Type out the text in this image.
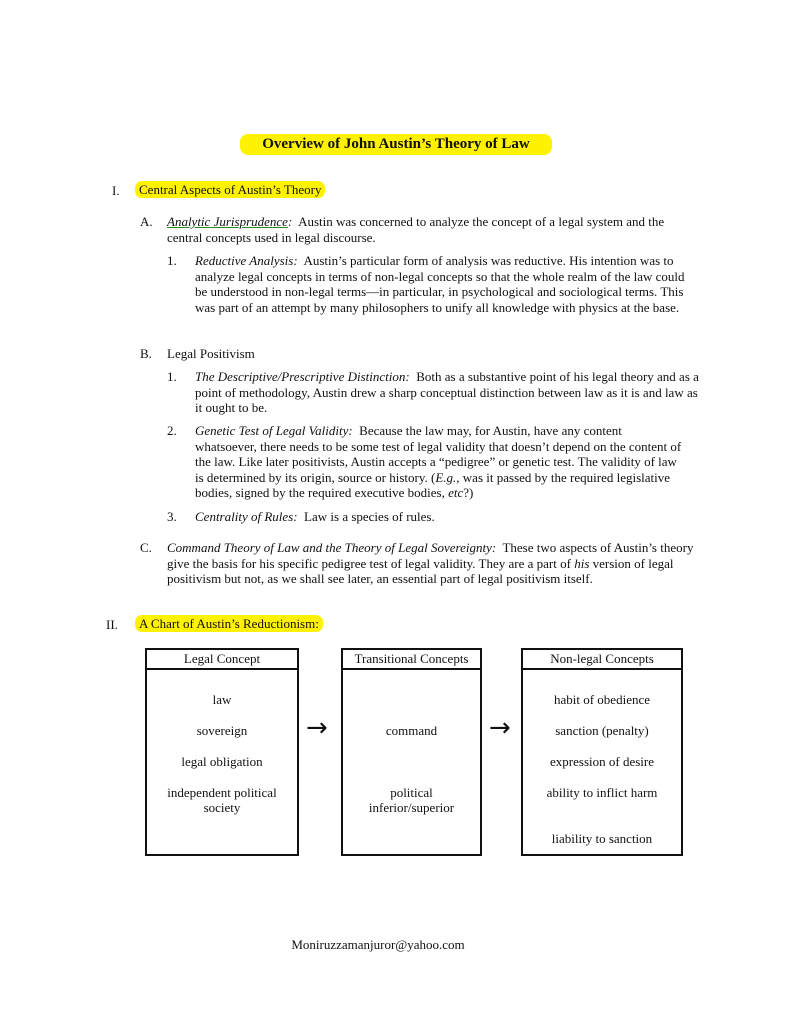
Overview of John Austin’s Theory of Law
I.	Central Aspects of Austin’s Theory
A. Analytic Jurisprudence: Austin was concerned to analyze the concept of a legal system and the central concepts used in legal discourse.
1. Reductive Analysis: Austin’s particular form of analysis was reductive. His intention was to analyze legal concepts in terms of non-legal concepts so that the whole realm of the law could be understood in non-legal terms—in particular, in psychological and sociological terms. This was part of an attempt by many philosophers to unify all knowledge with physics at the base.
B. Legal Positivism
1. The Descriptive/Prescriptive Distinction: Both as a substantive point of his legal theory and as a point of methodology, Austin drew a sharp conceptual distinction between law as it is and law as it ought to be.
2. Genetic Test of Legal Validity: Because the law may, for Austin, have any content whatsoever, there needs to be some test of legal validity that doesn’t depend on the content of the law. Like later positivists, Austin accepts a “pedigree” or genetic test. The validity of law is determined by its origin, source or history. (E.g., was it passed by the required legislative bodies, signed by the required executive bodies, etc?)
3. Centrality of Rules: Law is a species of rules.
C. Command Theory of Law and the Theory of Legal Sovereignty: These two aspects of Austin’s theory give the basis for his specific pedigree test of legal validity. They are a part of his version of legal positivism but not, as we shall see later, an essential part of legal positivism itself.
II.	A Chart of Austin’s Reductionism:
Legal Concept
law
sovereign
legal obligation
independent political society
→
Transitional Concepts
command
political inferior/superior
→
Non-legal Concepts
habit of obedience
sanction (penalty)
expression of desire
ability to inflict harm
liability to sanction
Moniruzzamanjuror@yahoo.com
